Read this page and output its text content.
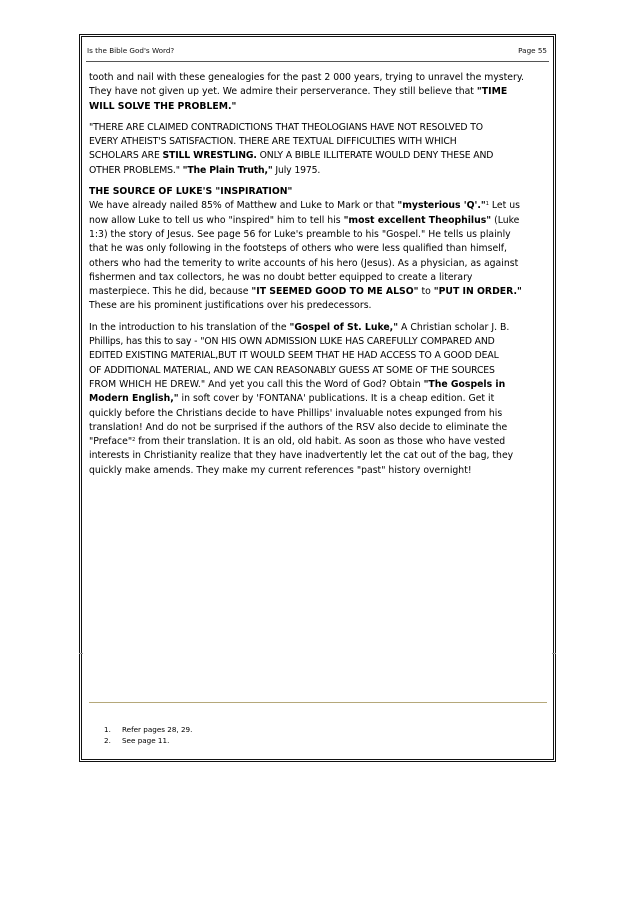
Is the Bible God's Word?	Page 55

tooth and nail with these genealogies for the past 2 000 years, trying to unravel the mystery.
They have not given up yet. We admire their perserverance. They still believe that "TIME
WILL SOLVE THE PROBLEM."

"THERE ARE CLAIMED CONTRADICTIONS THAT THEOLOGIANS HAVE NOT RESOLVED TO
EVERY ATHEIST'S SATISFACTION. THERE ARE TEXTUAL DIFFICULTIES WITH WHICH
SCHOLARS ARE STILL WRESTLING. ONLY A BIBLE ILLITERATE WOULD DENY THESE AND
OTHER PROBLEMS." "The Plain Truth," July 1975.

THE SOURCE OF LUKE'S "INSPIRATION"
We have already nailed 85% of Matthew and Luke to Mark or that "mysterious 'Q'."$^1$ Let us
now allow Luke to tell us who "inspired" him to tell his "most excellent Theophilus" (Luke
1:3) the story of Jesus. See page 56 for Luke's preamble to his "Gospel." He tells us plainly
that he was only following in the footsteps of others who were less qualified than himself,
others who had the temerity to write accounts of his hero (Jesus). As a physician, as against
fishermen and tax collectors, he was no doubt better equipped to create a literary
masterpiece. This he did, because "IT SEEMED GOOD TO ME ALSO" to "PUT IN ORDER."
These are his prominent justifications over his predecessors.

In the introduction to his translation of the "Gospel of St. Luke," A Christian scholar J. B.
Phillips, has this to say - "ON HIS OWN ADMISSION LUKE HAS CAREFULLY COMPARED AND
EDITED EXISTING MATERIAL,BUT IT WOULD SEEM THAT HE HAD ACCESS TO A GOOD DEAL
OF ADDITIONAL MATERIAL, AND WE CAN REASONABLY GUESS AT SOME OF THE SOURCES
FROM WHICH HE DREW." And yet you call this the Word of God? Obtain "The Gospels in
Modern English," in soft cover by 'FONTANA' publications. It is a cheap edition. Get it
quickly before the Christians decide to have Phillips' invaluable notes expunged from his
translation! And do not be surprised if the authors of the RSV also decide to eliminate the
"Preface"$^2$ from their translation. It is an old, old habit. As soon as those who have vested
interests in Christianity realize that they have inadvertently let the cat out of the bag, they
quickly make amends. They make my current references "past" history overnight!

1. Refer pages 28, 29.
2. See page 11.
